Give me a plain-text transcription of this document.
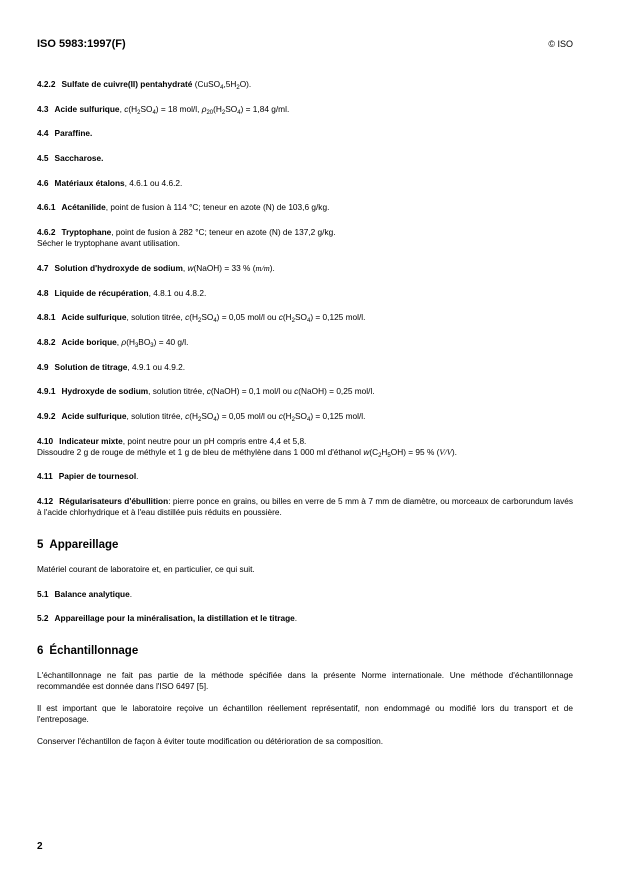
ISO 5983:1997(F)	© ISO
4.2.2 Sulfate de cuivre(II) pentahydraté $(CuSO_4,5H_2O)$.
4.3 Acide sulfurique, $c(H_2SO_4) = 18$ mol/l, $\rho_{20}(H_2SO_4) = 1,84$ g/ml.
4.4 Paraffine.
4.5 Saccharose.
4.6 Matériaux étalons, 4.6.1 ou 4.6.2.
4.6.1 Acétanilide, point de fusion à 114 °C; teneur en azote (N) de 103,6 g/kg.
4.6.2 Tryptophane, point de fusion à 282 °C; teneur en azote (N) de 137,2 g/kg.
Sécher le tryptophane avant utilisation.
4.7 Solution d'hydroxyde de sodium, w(NaOH) = 33 % (m/m).
4.8 Liquide de récupération, 4.8.1 ou 4.8.2.
4.8.1 Acide sulfurique, solution titrée, $c(H_2SO_4) = 0,05$ mol/l ou $c(H_2SO_4) = 0,125$ mol/l.
4.8.2 Acide borique, $\rho(H_3BO_3) = 40$ g/l.
4.9 Solution de titrage, 4.9.1 ou 4.9.2.
4.9.1 Hydroxyde de sodium, solution titrée, c(NaOH) = 0,1 mol/l ou c(NaOH) = 0,25 mol/l.
4.9.2 Acide sulfurique, solution titrée, $c(H_2SO_4) = 0,05$ mol/l ou $c(H_2SO_4) = 0,125$ mol/l.
4.10 Indicateur mixte, point neutre pour un pH compris entre 4,4 et 5,8.
Dissoudre 2 g de rouge de méthyle et 1 g de bleu de méthylène dans 1 000 ml d'éthanol $w(C_2H_5OH) = 95$ % (V/V).
4.11 Papier de tournesol.
4.12 Régularisateurs d'ébullition: pierre ponce en grains, ou billes en verre de 5 mm à 7 mm de diamètre, ou morceaux de carborundum lavés à l'acide chlorhydrique et à l'eau distillée puis réduits en poussière.
5 Appareillage
Matériel courant de laboratoire et, en particulier, ce qui suit.
5.1 Balance analytique.
5.2 Appareillage pour la minéralisation, la distillation et le titrage.
6 Échantillonnage
L'échantillonnage ne fait pas partie de la méthode spécifiée dans la présente Norme internationale. Une méthode d'échantillonnage recommandée est donnée dans l'ISO 6497 [5].
Il est important que le laboratoire reçoive un échantillon réellement représentatif, non endommagé ou modifié lors du transport et de l'entreposage.
Conserver l'échantillon de façon à éviter toute modification ou détérioration de sa composition.
2
